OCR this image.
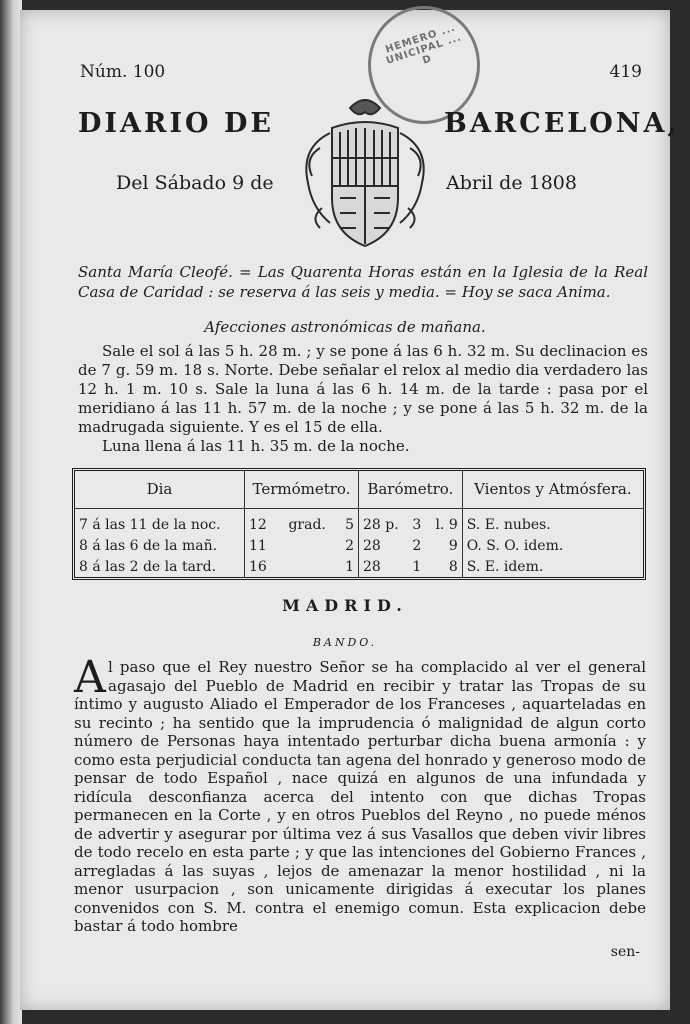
Núm. 100	419
HEMERO ... UNICIPAL ... D
DIARIO DE	BARCELONA,
Del Sábado 9 de	Abril de 1808
Santa María Cleofé. = Las Quarenta Horas están en la Iglesia de la Real Casa de Caridad : se reserva á las seis y media. = Hoy se saca Anima.
Afecciones astronómicas de mañana.

Sale el sol á las 5 h. 28 m. ; y se pone á las 6 h. 32 m. Su declinacion es de 7 g. 59 m. 18 s. Norte. Debe señalar el relox al medio dia verdadero las 12 h. 1 m. 10 s. Sale la luna á las 6 h. 14 m. de la tarde : pasa por el meridiano á las 11 h. 57 m. de la noche ; y se pone á las 5 h. 32 m. de la madrugada siguiente. Y es el 15 de ella.

Luna llena á las 11 h. 35 m. de la noche.

Dia	Termómetro.			Barómetro.			Vientos y Atmósfera.
7 á las 11 de la noc.	12	grad.	5	28 p.	3	l. 9	S. E. nubes.
8 á las 6 de la mañ.	11		2	28	2	9	O. S. O. idem.
8 á las 2 de la tard.	16		1	28	1	8	S. E. idem.
MADRID.
BANDO.
A l paso que el Rey nuestro Señor se ha complacido al ver el general agasajo del Pueblo de Madrid en recibir y tratar las Tropas de su íntimo y augusto Aliado el Emperador de los Franceses , aquarteladas en su recinto ; ha sentido que la imprudencia ó malignidad de algun corto número de Personas haya intentado perturbar dicha buena armonía : y como esta perjudicial conducta tan agena del honrado y generoso modo de pensar de todo Español , nace quizá en algunos de una infundada y ridícula desconfianza acerca del intento con que dichas Tropas permanecen en la Corte , y en otros Pueblos del Reyno , no puede ménos de advertir y asegurar por última vez á sus Vasallos que deben vivir libres de todo recelo en esta parte ; y que las intenciones del Gobierno Frances , arregladas á las suyas , lejos de amenazar la menor hostilidad , ni la menor usurpacion , son unicamente dirigidas á executar los planes convenidos con S. M. contra el enemigo comun. Esta explicacion debe bastar á todo hombre
sen-
